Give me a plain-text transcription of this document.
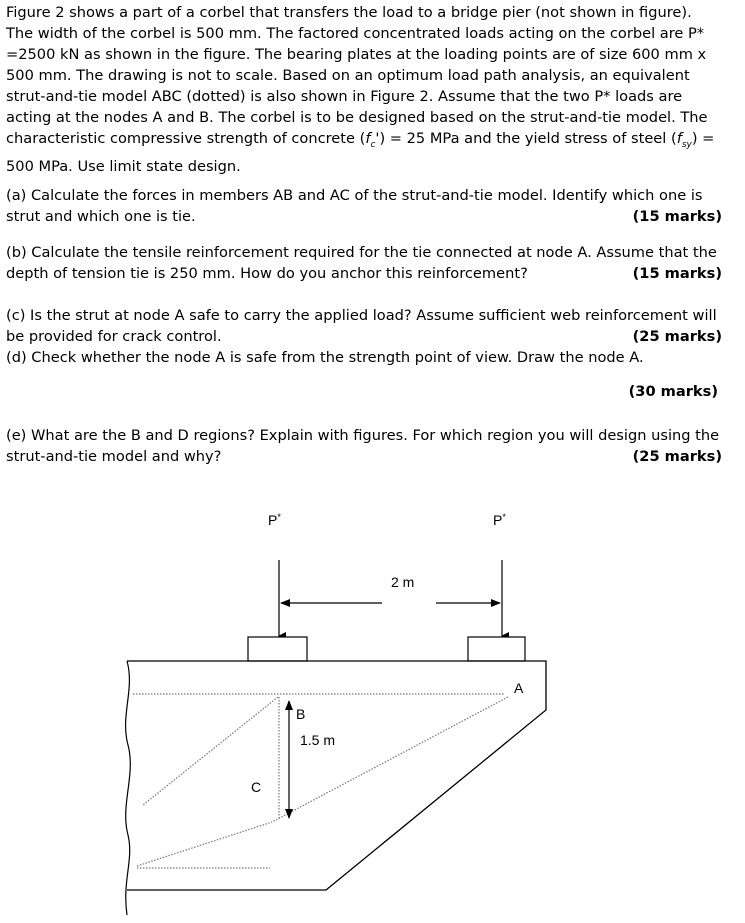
Figure 2 shows a part of a corbel that transfers the load to a bridge pier (not shown in figure). The width of the corbel is 500 mm. The factored concentrated loads acting on the corbel are P* =2500 kN as shown in the figure. The bearing plates at the loading points are of size 600 mm x 500 mm. The drawing is not to scale. Based on an optimum load path analysis, an equivalent strut-and-tie model ABC (dotted) is also shown in Figure 2. Assume that the two P* loads are acting at the nodes A and B. The corbel is to be designed based on the strut-and-tie model. The characteristic compressive strength of concrete $(f_c') = 25$ MPa and the yield stress of steel $(f_{sy}) = 500$ MPa. Use limit state design.

(a) Calculate the forces in members AB and AC of the strut-and-tie model. Identify which one is strut and which one is tie.	(15 marks)

(b) Calculate the tensile reinforcement required for the tie connected at node A. Assume that the depth of tension tie is 250 mm. How do you anchor this reinforcement?	(15 marks)

(c) Is the strut at node A safe to carry the applied load? Assume sufficient web reinforcement will be provided for crack control.	(25 marks)

(d) Check whether the node A is safe from the strength point of view. Draw the node A.

(30 marks)

(e) What are the B and D regions? Explain with figures. For which region you will design using the strut-and-tie model and why?	(25 marks)

P*	P*
2 m
1.5 m
A
B
C
